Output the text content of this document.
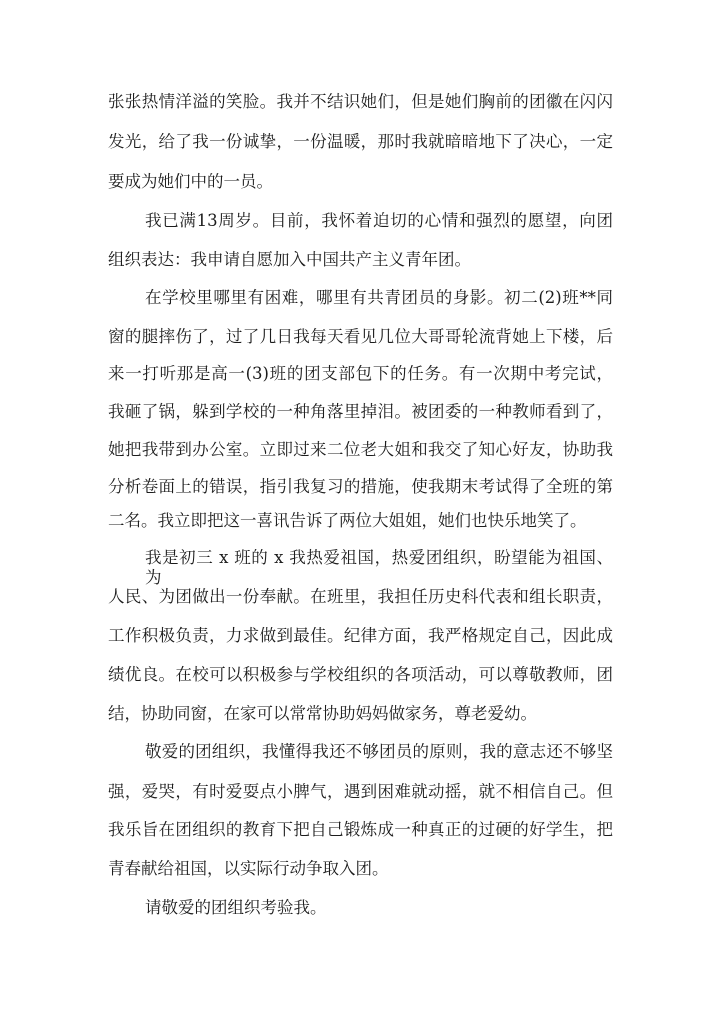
张张热情洋溢的笑脸。我并不结识她们，但是她们胸前的团徽在闪闪
发光，给了我一份诚挚，一份温暖，那时我就暗暗地下了决心，一定
要成为她们中的一员。
我已满13周岁。目前，我怀着迫切的心情和强烈的愿望，向团
组织表达：我申请自愿加入中国共产主义青年团。
在学校里哪里有困难，哪里有共青团员的身影。初二(2)班**同
窗的腿摔伤了，过了几日我每天看见几位大哥哥轮流背她上下楼，后
来一打听那是高一(3)班的团支部包下的任务。有一次期中考完试，
我砸了锅，躲到学校的一种角落里掉泪。被团委的一种教师看到了，
她把我带到办公室。立即过来二位老大姐和我交了知心好友，协助我
分析卷面上的错误，指引我复习的措施，使我期末考试得了全班的第
二名。我立即把这一喜讯告诉了两位大姐姐，她们也快乐地笑了。
我是初三 x 班的 x 我热爱祖国，热爱团组织，盼望能为祖国、为
人民、为团做出一份奉献。在班里，我担任历史科代表和组长职责，
工作积极负责，力求做到最佳。纪律方面，我严格规定自己，因此成
绩优良。在校可以积极参与学校组织的各项活动，可以尊敬教师，团
结，协助同窗，在家可以常常协助妈妈做家务，尊老爱幼。
敬爱的团组织，我懂得我还不够团员的原则，我的意志还不够坚
强，爱哭，有时爱耍点小脾气，遇到困难就动摇，就不相信自己。但
我乐旨在团组织的教育下把自己锻炼成一种真正的过硬的好学生，把
青春献给祖国，以实际行动争取入团。
请敬爱的团组织考验我。
